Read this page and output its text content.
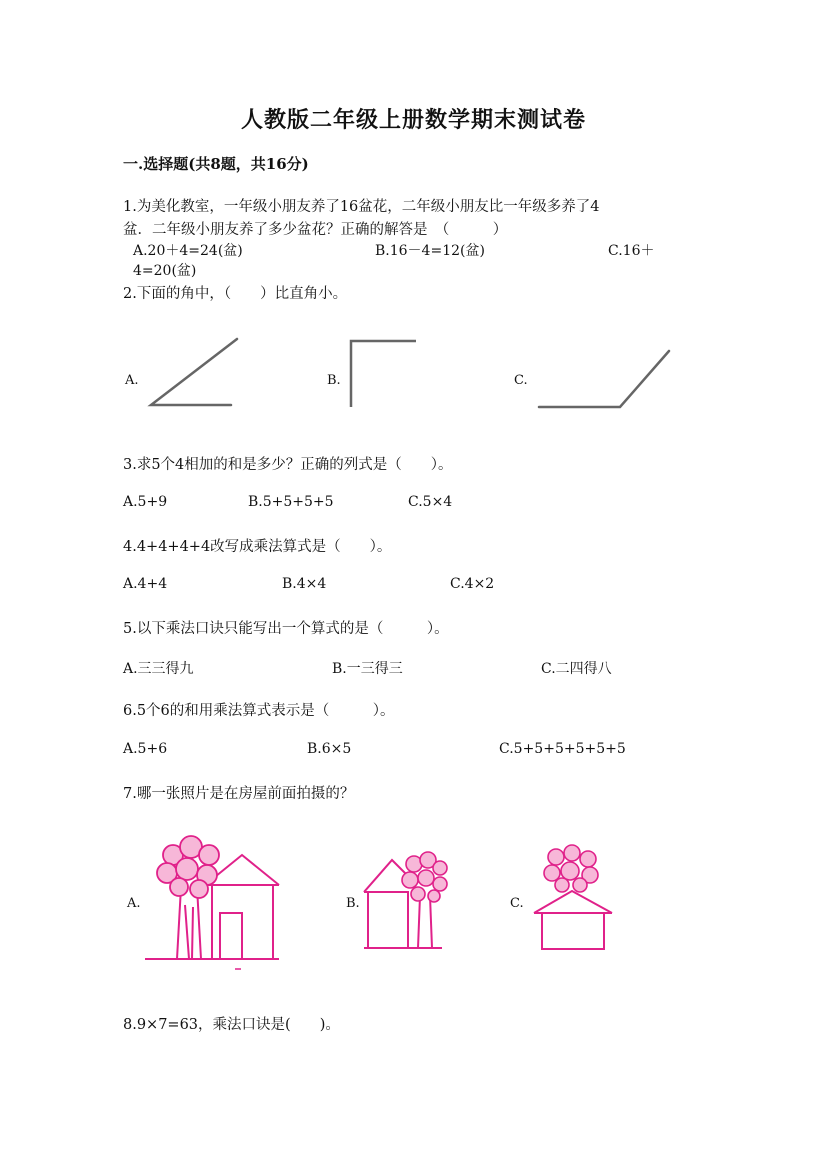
人教版二年级上册数学期末测试卷
一.选择题(共8题，共16分)
1.为美化教室，一年级小朋友养了16盆花，二年级小朋友比一年级多养了4
盆．二年级小朋友养了多少盆花？正确的解答是　（　　　）
A.20＋4=24(盆)	B.16－4=12(盆)	C.16＋
4=20(盆)
2.下面的角中，（　　）比直角小。
A.	B.	C.
3.求5个4相加的和是多少？正确的列式是（　　）。
A.5+9	B.5+5+5+5	C.5×4
4.4+4+4+4改写成乘法算式是（　　）。
A.4+4	B.4×4	C.4×2
5.以下乘法口诀只能写出一个算式的是（　　　）。
A.三三得九	B.一三得三	C.二四得八
6.5个6的和用乘法算式表示是（　　　）。
A.5+6	B.6×5	C.5+5+5+5+5+5
7.哪一张照片是在房屋前面拍摄的？
A.	B.	C.
8.9×7=63，乘法口诀是(　　)。
